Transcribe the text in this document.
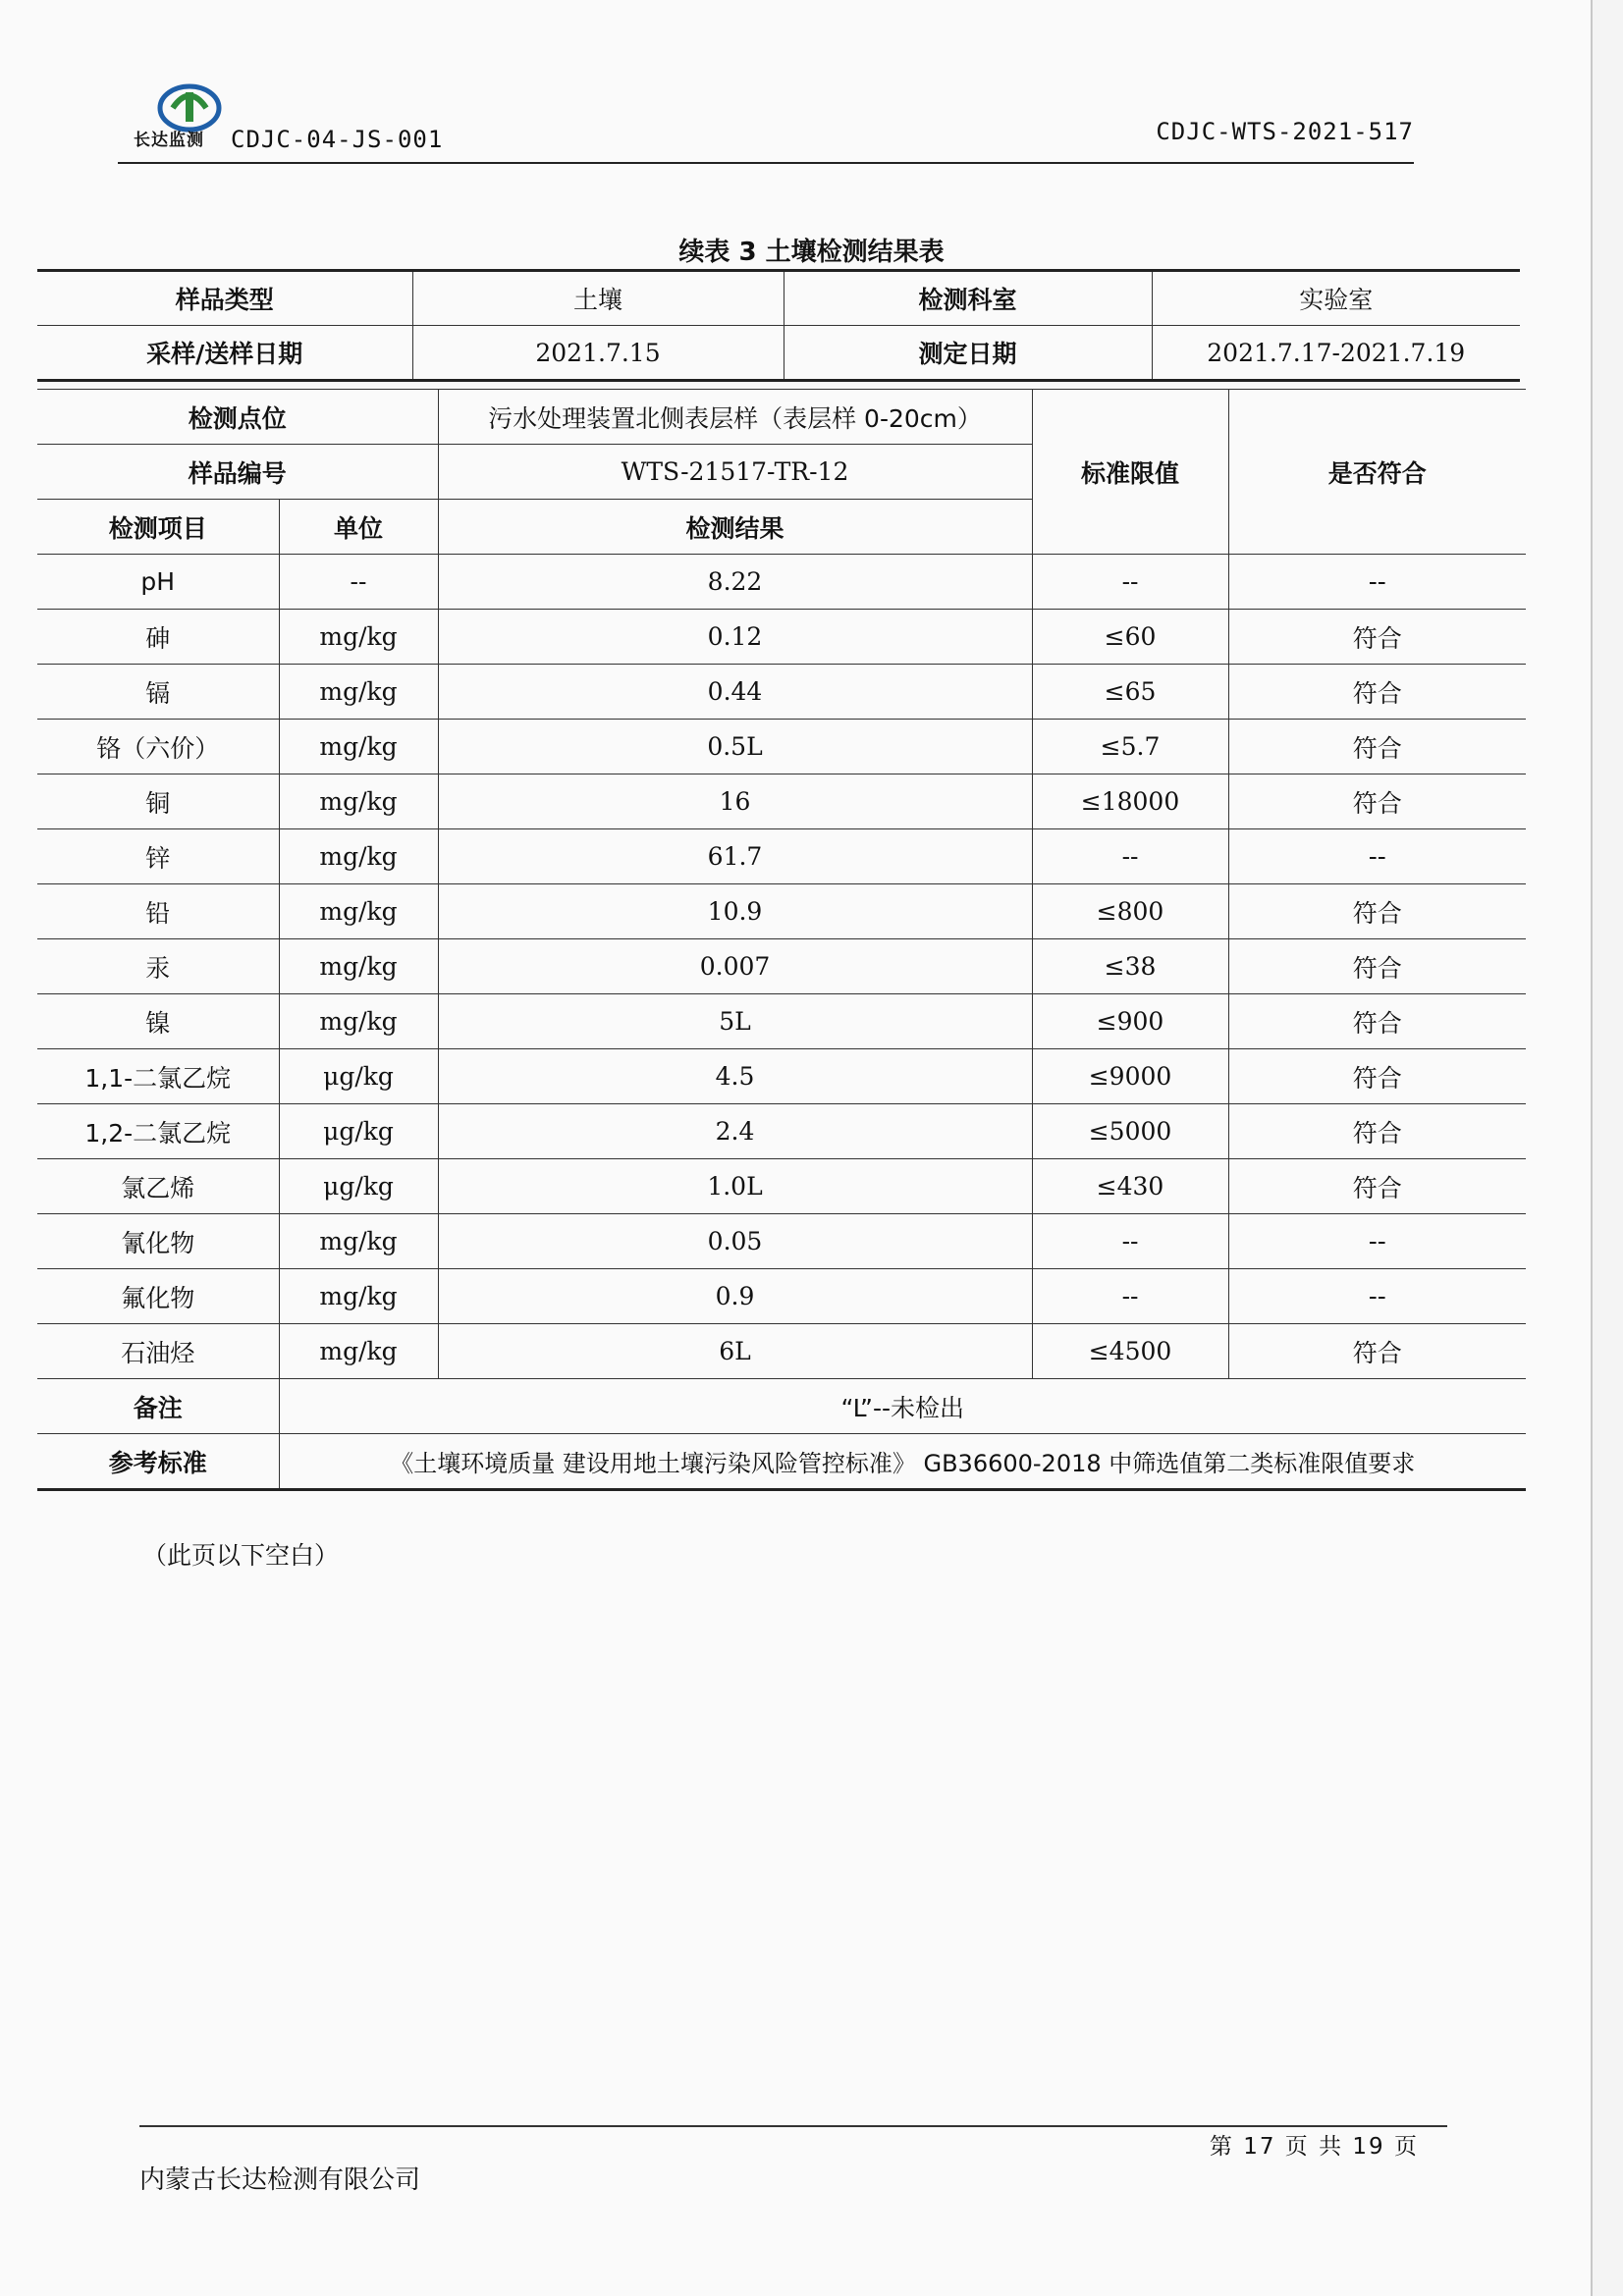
长达监测 CDJC-04-JS-001	CDJC-WTS-2021-517
续表 3 土壤检测结果表
样品类型	土壤	检测科室	实验室
采样/送样日期	2021.7.15	测定日期	2021.7.17-2021.7.19
检测点位		污水处理装置北侧表层样（表层样 0-20cm）	标准限值	是否符合
样品编号		WTS-21517-TR-12		
检测项目	单位	检测结果		
pH	--	8.22	--	--
砷	mg/kg	0.12	≤60	符合
镉	mg/kg	0.44	≤65	符合
铬（六价）	mg/kg	0.5L	≤5.7	符合
铜	mg/kg	16	≤18000	符合
锌	mg/kg	61.7	--	--
铅	mg/kg	10.9	≤800	符合
汞	mg/kg	0.007	≤38	符合
镍	mg/kg	5L	≤900	符合
1,1-二氯乙烷	μg/kg	4.5	≤9000	符合
1,2-二氯乙烷	μg/kg	2.4	≤5000	符合
氯乙烯	μg/kg	1.0L	≤430	符合
氰化物	mg/kg	0.05	--	--
氟化物	mg/kg	0.9	--	--
石油烃	mg/kg	6L	≤4500	符合
备注	“L”--未检出			
参考标准	《土壤环境质量 建设用地土壤污染风险管控标准》 GB36600-2018 中筛选值第二类标准限值要求			
（此页以下空白）
第 17 页 共 19 页
内蒙古长达检测有限公司
